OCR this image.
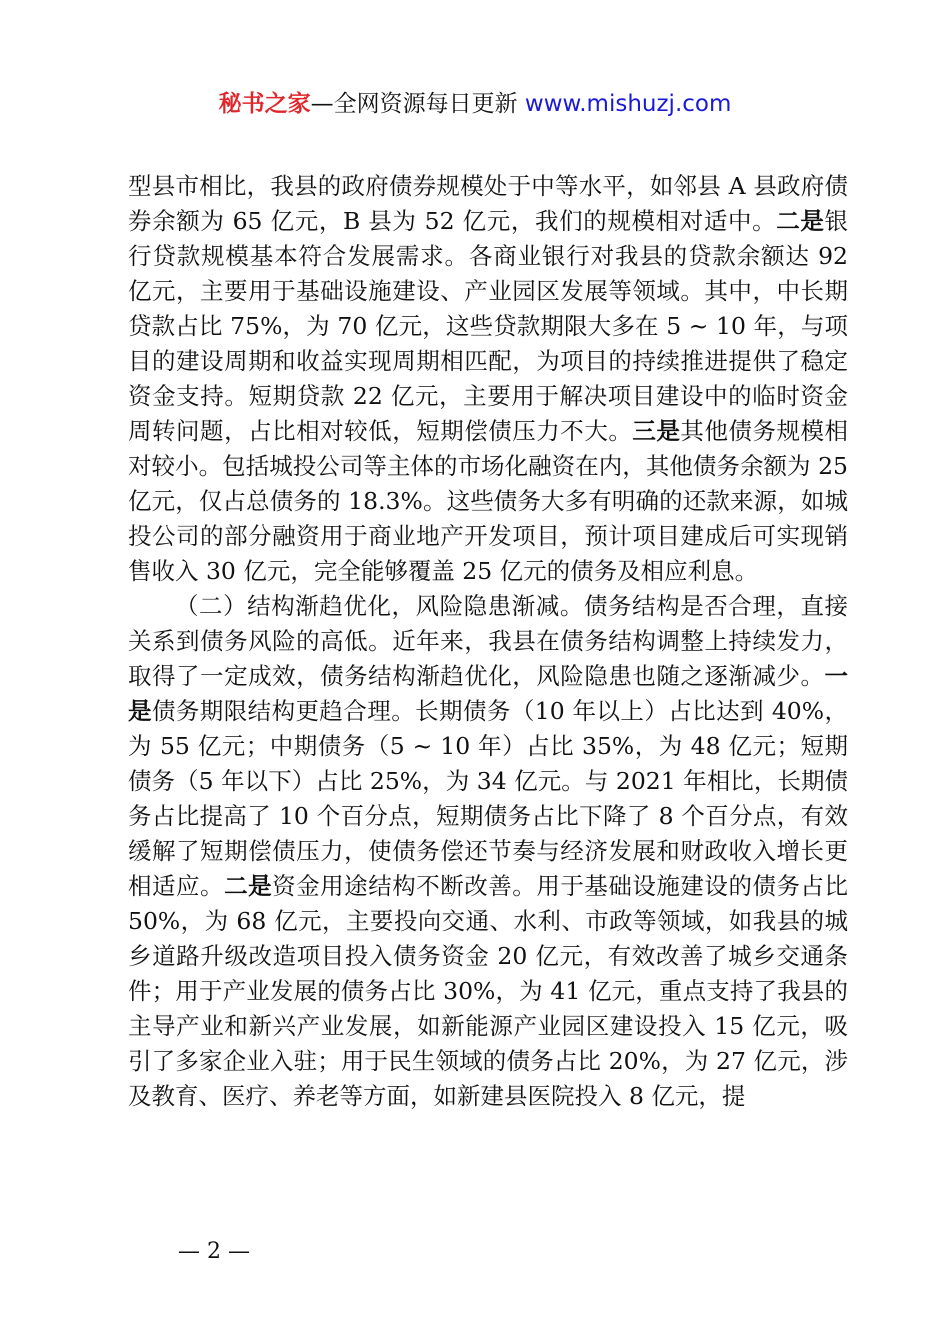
秘书之家—全网资源每日更新 www.mishuzj.com

型县市相比，我县的政府债券规模处于中等水平，如邻县 A 县政府债券余额为 65 亿元，B 县为 52 亿元，我们的规模相对适中。二是银行贷款规模基本符合发展需求。各商业银行对我县的贷款余额达 92 亿元，主要用于基础设施建设、产业园区发展等领域。其中，中长期贷款占比 75%，为 70 亿元，这些贷款期限大多在 5 ~ 10 年，与项目的建设周期和收益实现周期相匹配，为项目的持续推进提供了稳定资金支持。短期贷款 22 亿元，主要用于解决项目建设中的临时资金周转问题，占比相对较低，短期偿债压力不大。三是其他债务规模相对较小。包括城投公司等主体的市场化融资在内，其他债务余额为 25 亿元，仅占总债务的 18.3%。这些债务大多有明确的还款来源，如城投公司的部分融资用于商业地产开发项目，预计项目建成后可实现销售收入 30 亿元，完全能够覆盖 25 亿元的债务及相应利息。

（二）结构渐趋优化，风险隐患渐减。债务结构是否合理，直接关系到债务风险的高低。近年来，我县在债务结构调整上持续发力，取得了一定成效，债务结构渐趋优化，风险隐患也随之逐渐减少。一是债务期限结构更趋合理。长期债务（10 年以上）占比达到 40%，为 55 亿元；中期债务（5 ~ 10 年）占比 35%，为 48 亿元；短期债务（5 年以下）占比 25%，为 34 亿元。与 2021 年相比，长期债务占比提高了 10 个百分点，短期债务占比下降了 8 个百分点，有效缓解了短期偿债压力，使债务偿还节奏与经济发展和财政收入增长更相适应。二是资金用途结构不断改善。用于基础设施建设的债务占比 50%，为 68 亿元，主要投向交通、水利、市政等领域，如我县的城乡道路升级改造项目投入债务资金 20 亿元，有效改善了城乡交通条件；用于产业发展的债务占比 30%，为 41 亿元，重点支持了我县的主导产业和新兴产业发展，如新能源产业园区建设投入 15 亿元，吸引了多家企业入驻；用于民生领域的债务占比 20%，为 27 亿元，涉及教育、医疗、养老等方面，如新建县医院投入 8 亿元，提

— 2 —
